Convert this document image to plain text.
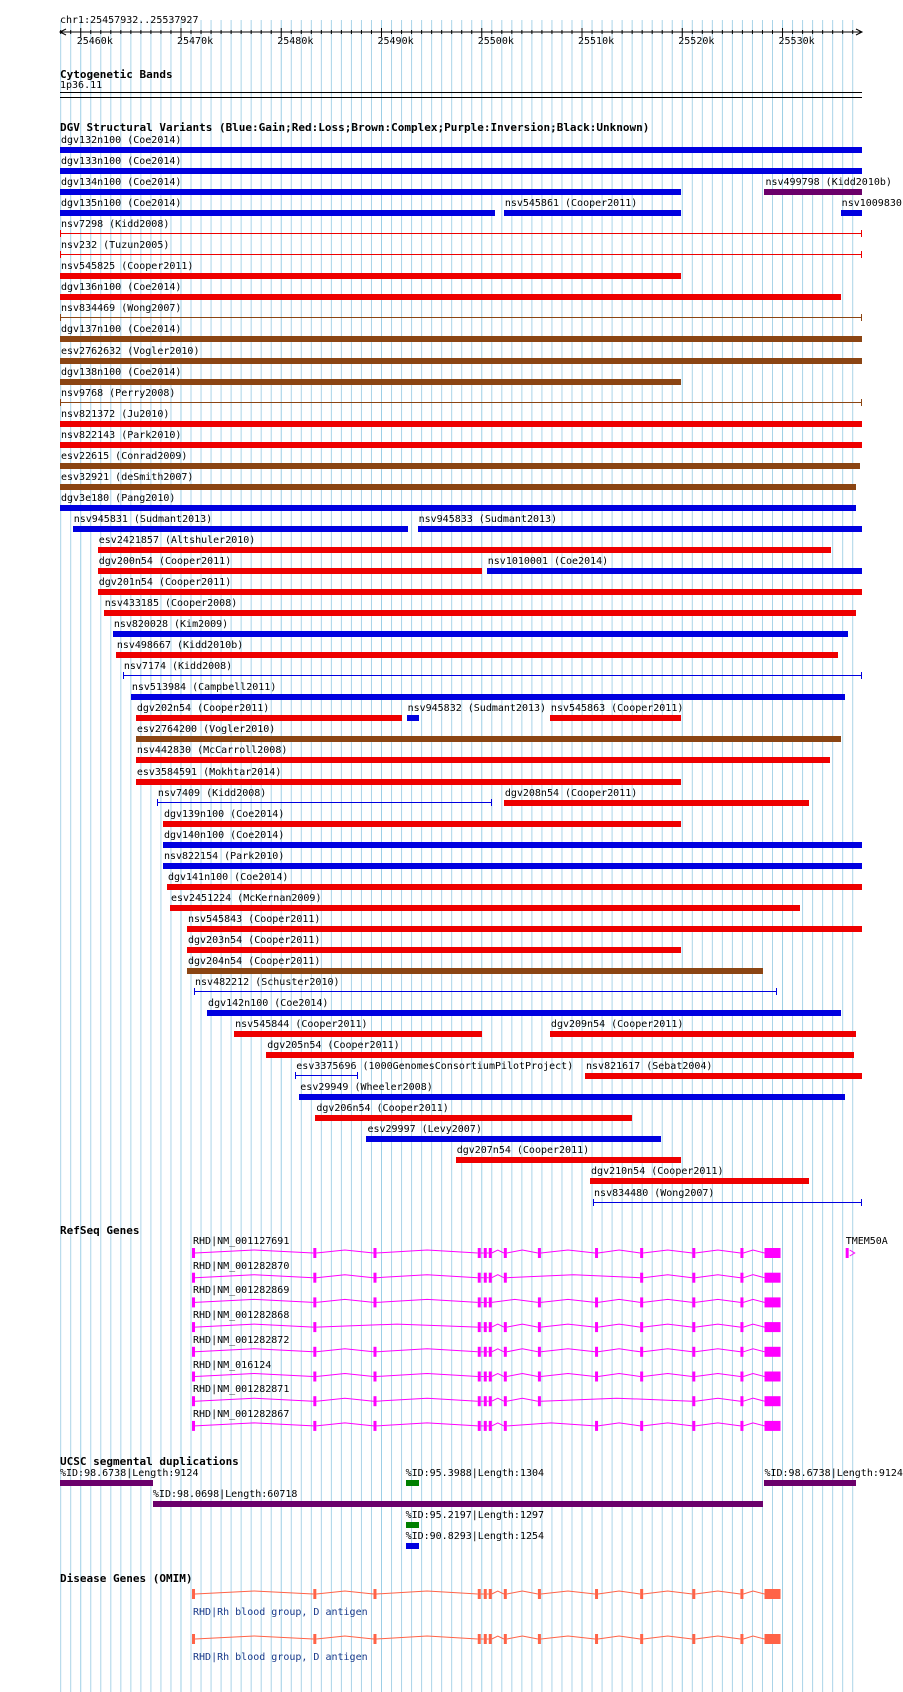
chr1:25457932..25537927
25460k	25470k	25480k	25490k	25500k	25510k	25520k	25530k
Cytogenetic Bands
DGV Structural Variants (Blue:Gain;Red:Loss;Brown:Complex;Purple:Inversion;Black:Unknown)
RefSeq Genes
UCSC segmental duplications
Disease Genes (OMIM)
1p36.11
dgv132n100 (Coe2014)
dgv133n100 (Coe2014)
dgv134n100 (Coe2014)	nsv499798 (Kidd2010b)
dgv135n100 (Coe2014)	nsv545861 (Cooper2011)	nsv1009830
nsv7298 (Kidd2008)
nsv232 (Tuzun2005)
nsv545825 (Cooper2011)
dgv136n100 (Coe2014)
nsv834469 (Wong2007)
dgv137n100 (Coe2014)
esv2762632 (Vogler2010)
dgv138n100 (Coe2014)
nsv9768 (Perry2008)
nsv821372 (Ju2010)
nsv822143 (Park2010)
esv22615 (Conrad2009)
esv32921 (deSmith2007)
dgv3e180 (Pang2010)
nsv945831 (Sudmant2013)	nsv945833 (Sudmant2013)
esv2421857 (Altshuler2010)
dgv200n54 (Cooper2011)	nsv1010001 (Coe2014)
dgv201n54 (Cooper2011)
nsv433185 (Cooper2008)
nsv820028 (Kim2009)
nsv498667 (Kidd2010b)
nsv7174 (Kidd2008)
nsv513984 (Campbell2011)
dgv202n54 (Cooper2011)	nsv945832 (Sudmant2013) nsv545863 (Cooper2011)
esv2764200 (Vogler2010)
nsv442830 (McCarroll2008)
esv3584591 (Mokhtar2014)
nsv7409 (Kidd2008)	dgv208n54 (Cooper2011)
dgv139n100 (Coe2014)
dgv140n100 (Coe2014)
nsv822154 (Park2010)
dgv141n100 (Coe2014)
esv2451224 (McKernan2009)
nsv545843 (Cooper2011)
dgv203n54 (Cooper2011)
dgv204n54 (Cooper2011)
nsv482212 (Schuster2010)
dgv142n100 (Coe2014)
nsv545844 (Cooper2011)	dgv209n54 (Cooper2011)
dgv205n54 (Cooper2011)
esv3375696 (1000GenomesConsortiumPilotProject) nsv821617 (Sebat2004)
esv29949 (Wheeler2008)
dgv206n54 (Cooper2011)
esv29997 (Levy2007)
dgv207n54 (Cooper2011)
dgv210n54 (Cooper2011)
nsv834480 (Wong2007)
RHD|NM_001127691
RHD|NM_001282870
RHD|NM_001282869
RHD|NM_001282868
RHD|NM_001282872
RHD|NM_016124
RHD|NM_001282871
RHD|NM_001282867
TMEM50A
%ID:98.6738|Length:9124	%ID:95.3988|Length:1304	%ID:98.6738|Length:9124
%ID:98.0698|Length:60718
%ID:95.2197|Length:1297
%ID:90.8293|Length:1254
RHD|Rh blood group, D antigen
RHD|Rh blood group, D antigen
